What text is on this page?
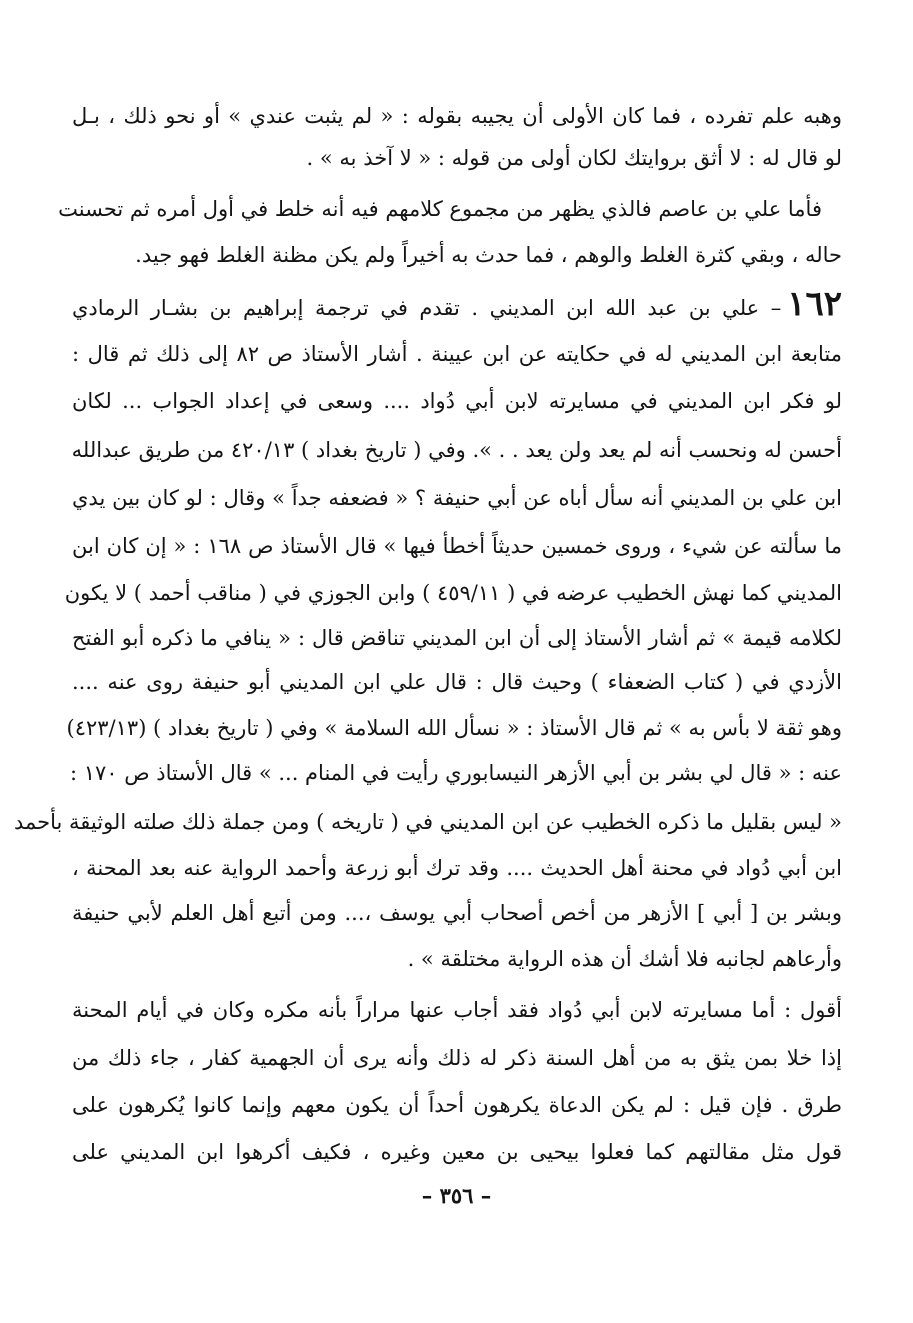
وهبه علم تفرده ، فما كان الأولى أن يجيبه بقوله : « لم يثبت عندي » أو نحو ذلك ، بـل
لو قال له : لا أثق بروايتك لكان أولى من قوله : « لا آخذ به » .
فأما علي بن عاصم فالذي يظهر من مجموع كلامهم فيه أنه خلط في أول أمره ثم تحسنت
حاله ، وبقي كثرة الغلط والوهم ، فما حدث به أخيراً ولم يكن مظنة الغلط فهو جيد.
١٦٢– علي بن عبد الله ابن المديني . تقدم في ترجمة إبراهيم بن بشـار الرمادي
متابعة ابن المديني له في حكايته عن ابن عيينة . أشار الأستاذ ص ٨٢ إلى ذلك ثم قال :
لو فكر ابن المديني في مسايرته لابن أبي دُواد .... وسعى في إعداد الجواب ... لكان
أحسن له ونحسب أنه لم يعد ولن يعد . . ». وفي ( تاريخ بغداد ) ٤٢٠/١٣ من طريق عبدالله
ابن علي بن المديني أنه سأل أباه عن أبي حنيفة ؟ « فضعفه جداً » وقال : لو كان بين يدي
ما سألته عن شيء ، وروى خمسين حديثاً أخطأ فيها » قال الأستاذ ص ١٦٨ : « إن كان ابن
المديني كما نهش الخطيب عرضه في ( ٤٥٩/١١ ) وابن الجوزي في ( مناقب أحمد ) لا يكون
لكلامه قيمة » ثم أشار الأستاذ إلى أن ابن المديني تناقض قال : « ينافي ما ذكره أبو الفتح
الأزدي في ( كتاب الضعفاء ) وحيث قال : قال علي ابن المديني أبو حنيفة روى عنه ....
وهو ثقة لا بأس به » ثم قال الأستاذ : « نسأل الله السلامة » وفي ( تاريخ بغداد ) (٤٢٣/١٣)
عنه : « قال لي بشر بن أبي الأزهر النيسابوري رأيت في المنام ... » قال الأستاذ ص ١٧٠ :
« ليس بقليل ما ذكره الخطيب عن ابن المديني في ( تاريخه ) ومن جملة ذلك صلته الوثيقة بأحمد
ابن أبي دُواد في محنة أهل الحديث .... وقد ترك أبو زرعة وأحمد الرواية عنه بعد المحنة ،
وبشر بن [ أبي ] الأزهر من أخص أصحاب أبي يوسف ،... ومن أتبع أهل العلم لأبي حنيفة
وأرعاهم لجانبه فلا أشك أن هذه الرواية مختلقة » .
أقول : أما مسايرته لابن أبي دُواد فقد أجاب عنها مراراً بأنه مكره وكان في أيام المحنة
إذا خلا بمن يثق به من أهل السنة ذكر له ذلك وأنه يرى أن الجهمية كفار ، جاء ذلك من
طرق . فإن قيل : لم يكن الدعاة يكرهون أحداً أن يكون معهم وإنما كانوا يُكرهون على
قول مثل مقالتهم كما فعلوا بيحيى بن معين وغيره ، فكيف أكرهوا ابن المديني على
– ٣٥٦ –
